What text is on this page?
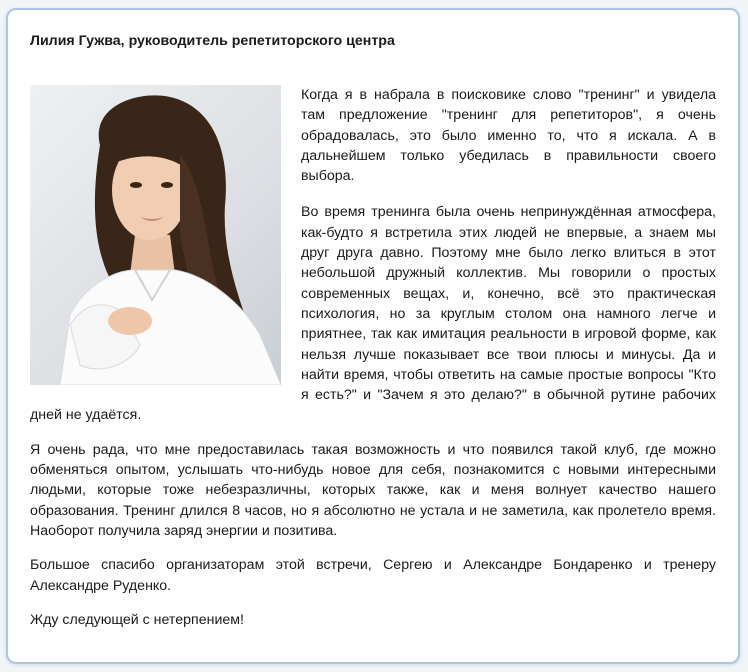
Лилия Гужва, руководитель репетиторского центра

Когда я в набрала в поисковике слово "тренинг" и увидела там предложение "тренинг для репетиторов", я очень обрадовалась, это было именно то, что я искала. А в дальнейшем только убедилась в правильности своего выбора.

Во время тренинга была очень непринуждённая атмосфера, как-будто я встретила этих людей не впервые, а знаем мы друг друга давно. Поэтому мне было легко влиться в этот небольшой дружный коллектив. Мы говорили о простых современных вещах, и, конечно, всё это практическая психология, но за круглым столом она намного легче и приятнее, так как имитация реальности в игровой форме, как нельзя лучше показывает все твои плюсы и минусы. Да и найти время, чтобы ответить на самые простые вопросы "Кто я есть?" и "Зачем я это делаю?" в обычной рутине рабочих дней не удаётся.

Я очень рада, что мне предоставилась такая возможность и что появился такой клуб, где можно обменяться опытом, услышать что-нибудь новое для себя, познакомится с новыми интересными людьми, которые тоже небезразличны, которых также, как и меня волнует качество нашего образования. Тренинг длился 8 часов, но я абсолютно не устала и не заметила, как пролетело время. Наоборот получила заряд энергии и позитива.

Большое спасибо организаторам этой встречи, Сергею и Александре Бондаренко и тренеру Александре Руденко.

Жду следующей с нетерпением!
